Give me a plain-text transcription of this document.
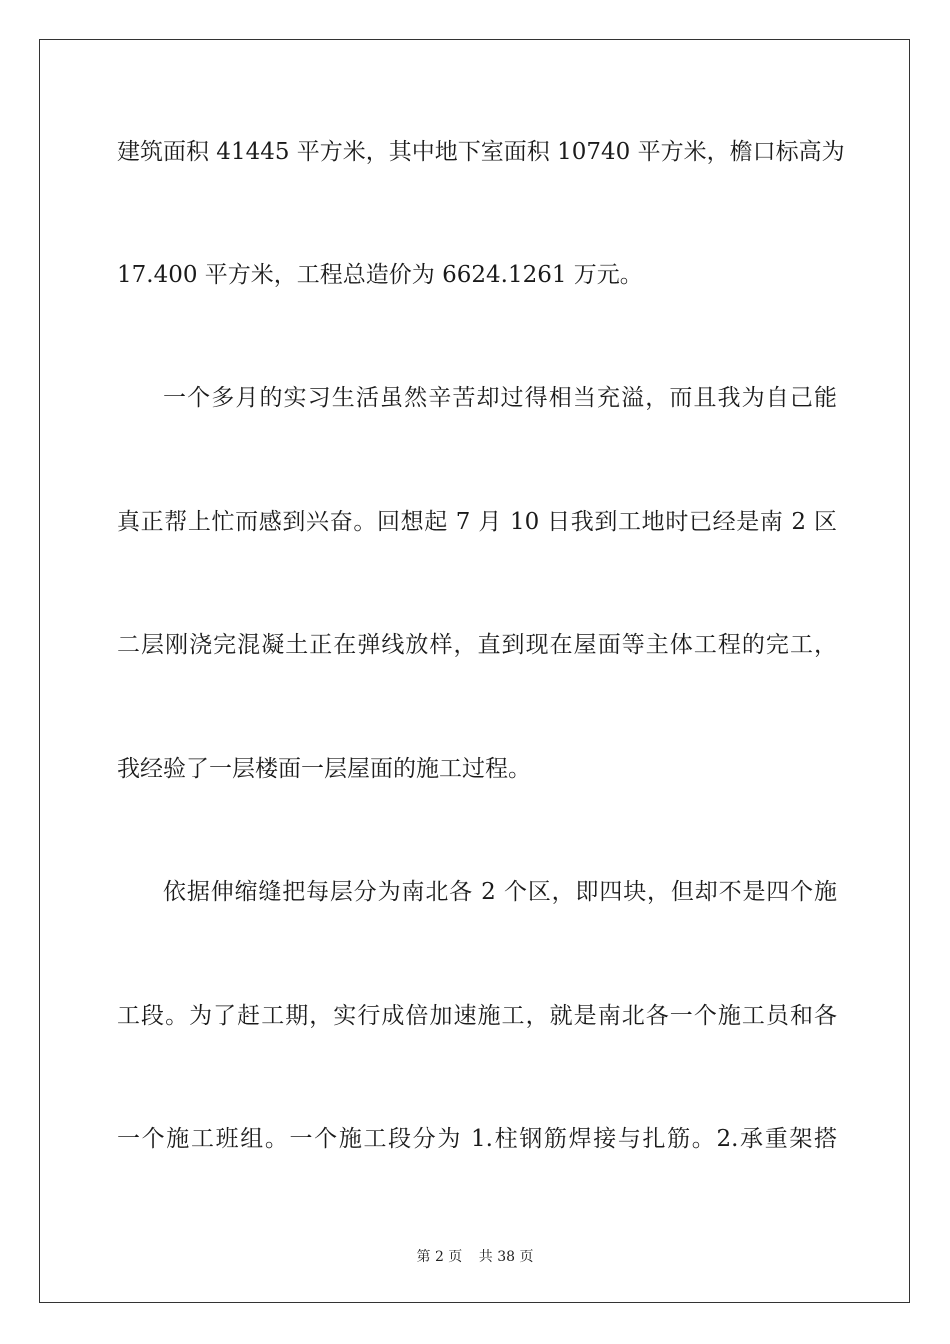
建筑面积 41445 平方米，其中地下室面积 10740 平方米，檐口标高为
17.400 平方米，工程总造价为 6624.1261 万元。
一个多月的实习生活虽然辛苦却过得相当充溢，而且我为自己能
真正帮上忙而感到兴奋。回想起 7 月 10 日我到工地时已经是南 2 区
二层刚浇完混凝土正在弹线放样，直到现在屋面等主体工程的完工，
我经验了一层楼面一层屋面的施工过程。
依据伸缩缝把每层分为南北各 2 个区，即四块，但却不是四个施
工段。为了赶工期，实行成倍加速施工，就是南北各一个施工员和各
一个施工班组。一个施工段分为 1.柱钢筋焊接与扎筋。2.承重架搭
第 2 页 共 38 页
